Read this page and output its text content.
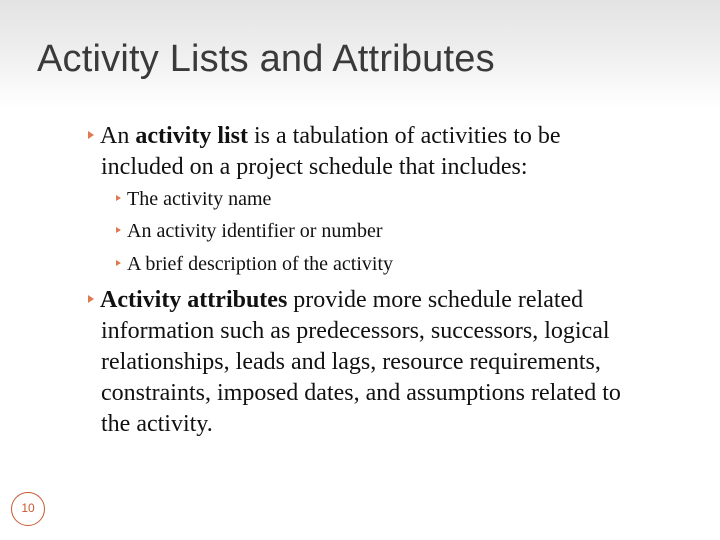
Activity Lists and Attributes
An activity list is a tabulation of activities to be
included on a project schedule that includes:
The activity name
An activity identifier or number
A brief description of the activity
Activity attributes provide more schedule related
information such as predecessors, successors, logical
relationships, leads and lags, resource requirements,
constraints, imposed dates, and assumptions related to
the activity.
10
